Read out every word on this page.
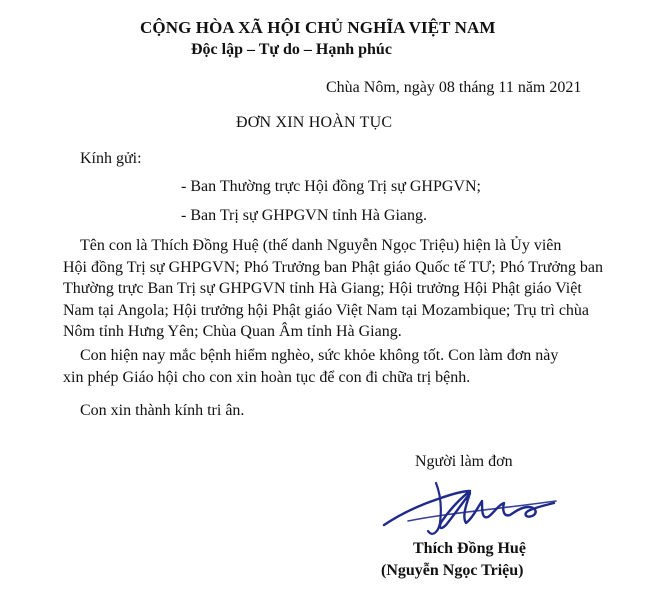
CỘNG HÒA XÃ HỘI CHỦ NGHĨA VIỆT NAM
Độc lập – Tự do – Hạnh phúc
Chùa Nôm, ngày 08 tháng 11 năm 2021
ĐƠN XIN HOÀN TỤC
Kính gửi:
- Ban Thường trực Hội đồng Trị sự GHPGVN;
- Ban Trị sự GHPGVN tỉnh Hà Giang.
Tên con là Thích Đồng Huệ (thế danh Nguyễn Ngọc Triệu) hiện là Ủy viên
Hội đồng Trị sự GHPGVN; Phó Trưởng ban Phật giáo Quốc tế TƯ; Phó Trưởng ban
Thường trực Ban Trị sự GHPGVN tỉnh Hà Giang; Hội trưởng Hội Phật giáo Việt
Nam tại Angola; Hội trưởng hội Phật giáo Việt Nam tại Mozambique; Trụ trì chùa
Nôm tỉnh Hưng Yên; Chùa Quan Âm tỉnh Hà Giang.
Con hiện nay mắc bệnh hiểm nghèo, sức khỏe không tốt. Con làm đơn này
xin phép Giáo hội cho con xin hoàn tục để con đi chữa trị bệnh.
Con xin thành kính tri ân.
Người làm đơn
Thích Đồng Huệ
(Nguyễn Ngọc Triệu)
